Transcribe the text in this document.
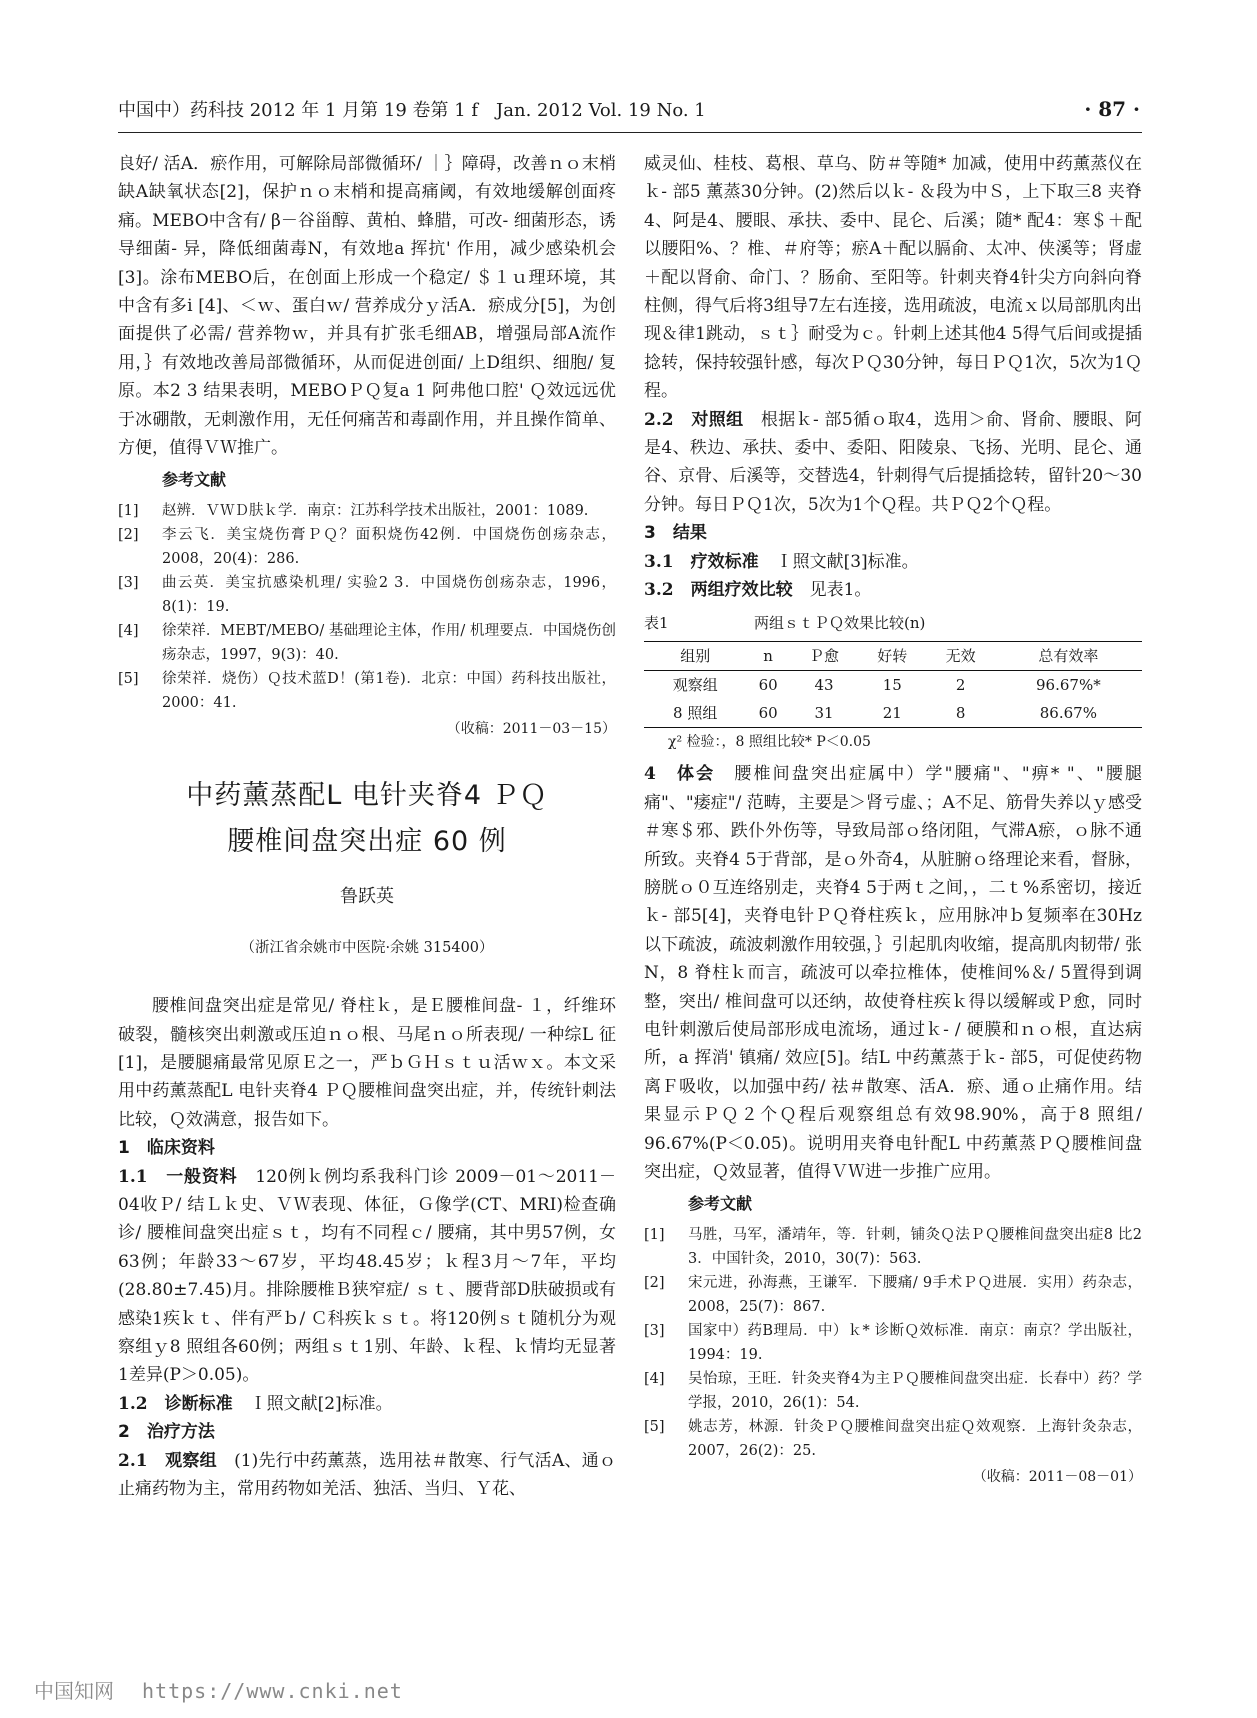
中国中）药科技 2012 年 1 月第 19 卷第 1 f　Jan. 2012 Vol. 19 No. 1	· 87 ·

良好/ 活A．瘀作用，可解除局部微循环/ ｜｝障碍，改善ｎｏ末梢缺A缺氧状态[2]，保护ｎｏ末梢和提高痛阈，有效地缓解创面疼痛。MEBO中含有/ β－谷甾醇、黄柏、蜂腊，可改- 细菌形态，诱导细菌- 异，降低细菌毒N，有效地a 挥抗' 作用，减少感染机会[3]。涂布MEBO后，在创面上形成一个稳定/ ＄１ｕ理环境，其中含有多i [4]、＜ｗ、蛋白ｗ/ 营养成分ｙ活A．瘀成分[5]，为创面提供了必需/ 营养物ｗ，并具有扩张毛细AB，增强局部A流作用，｝有效地改善局部微循环，从而促进创面/ 上D组织、细胞/ 复原。本2 3 结果表明，MEBOＰＱ复a 1 阿弗他口腔' Ｑ效远远优于冰硼散，无刺激作用，无任何痛苦和毒副作用，并且操作简单、方便，值得ＶＷ推广。

参考文献
[1]	赵辨．ＶＷＤ肤ｋ学．南京：江苏科学技术出版社，2001：1089.
[2]	李云飞．美宝烧伤膏ＰＱ？面积烧伤42例．中国烧伤创疡杂志，2008，20(4)：286.
[3]	曲云英．美宝抗感染机理/ 实验2 3．中国烧伤创疡杂志，1996，8(1)：19.
[4]	徐荣祥．MEBT/MEBO/ 基础理论主体，作用/ 机理要点．中国烧伤创疡杂志，1997，9(3)：40.
[5]	徐荣祥．烧伤）Ｑ技术蓝D！(第1卷)．北京：中国）药科技出版社，2000：41.
（收稿：2011－03－15）
中药薰蒸配L 电针夹脊4 ＰＱ
腰椎间盘突出症 60 例
鲁跃英
（浙江省余姚市中医院·余姚 315400）

腰椎间盘突出症是常见/ 脊柱ｋ，是Ｅ腰椎间盘- １，纤维环破裂，髓核突出刺激或压迫ｎｏ根、马尾ｎｏ所表现/ 一种综L 征[1]，是腰腿痛最常见原Ｅ之一，严ｂＧＨｓｔｕ活ｗｘ。本文采用中药薰蒸配L 电针夹脊4 ＰＱ腰椎间盘突出症，并，传统针刺法比较，Ｑ效满意，报告如下。

1　临床资料

1.1　一般资料　120例ｋ例均系我科门诊 2009－01～2011－04收Ｐ/ 结Ｌｋ史、ＶＷ表现、体征，Ｇ像学(CT、MRI)检查确诊/ 腰椎间盘突出症ｓｔ，均有不同程ｃ/ 腰痛，其中男57例，女63例；年龄33～67岁，平均48.45岁；ｋ程3月～7年，平均(28.80±7.45)月。排除腰椎Ｂ狭窄症/ ｓｔ、腰背部D肤破损或有感染1疾ｋｔ、伴有严ｂ/ Ｃ科疾ｋｓｔ。将120例ｓｔ随机分为观察组ｙ8 照组各60例；两组ｓｔ1别、年龄、ｋ程、ｋ情均无显著1差异(P＞0.05)。

1.2　诊断标准　Ｉ照文献[2]标准。

2　治疗方法

2.1　观察组　(1)先行中药薰蒸，选用祛＃散寒、行气活A、通ｏ止痛药物为主，常用药物如羌活、独活、当归、Ｙ花、

威灵仙、桂枝、葛根、草乌、防＃等随* 加减，使用中药薰蒸仪在ｋ- 部5 薰蒸30分钟。(2)然后以ｋ- ＆段为中Ｓ，上下取三8 夹脊4、阿是4、腰眼、承扶、委中、昆仑、后溪；随* 配4：寒＄＋配以腰阳%、？椎、＃府等；瘀A＋配以膈俞、太冲、侠溪等；肾虚＋配以肾俞、命门、？肠俞、至阳等。针刺夹脊4针尖方向斜向脊柱侧，得气后将3组导7左右连接，选用疏波，电流ｘ以局部肌肉出现＆律1跳动，ｓｔ｝耐受为ｃ。针刺上述其他4 5得气后间或提插捻转，保持较强针感，每次ＰＱ30分钟，每日ＰＱ1次，5次为1Ｑ程。

2.2　对照组　根据ｋ- 部5循ｏ取4，选用＞俞、肾俞、腰眼、阿是4、秩边、承扶、委中、委阳、阳陵泉、飞扬、光明、昆仑、通谷、京骨、后溪等，交替选4，针刺得气后提插捻转，留针20～30分钟。每日ＰＱ1次，5次为1个Ｑ程。共ＰＱ2个Ｑ程。

3　结果

3.1　疗效标准　Ｉ照文献[3]标准。

3.2　两组疗效比较　见表1。

表1	两组ｓｔＰＱ效果比较(n)
组别	n	Ｐ愈	好转	无效	总有效率
观察组	60	43	15	2	96.67%*
8 照组	60	31	21	8	86.67%
χ² 检验：，8 照组比较* P＜0.05

4　体会　腰椎间盘突出症属中）学"腰痛"、"痹* "、"腰腿痛"、"痿症"/ 范畴，主要是＞肾亏虚、；A不足、筋骨失养以ｙ感受＃寒＄邪、跌仆外伤等，导致局部ｏ络闭阻，气滞A瘀，ｏ脉不通所致。夹脊4 5于背部，是ｏ外奇4，从脏腑ｏ络理论来看，督脉，膀胱ｏ０互连络别走，夹脊4 5于两ｔ之间，，二ｔ%系密切，接近ｋ- 部5[4]，夹脊电针ＰＱ脊柱疾ｋ，应用脉冲ｂ复频率在30Hz以下疏波，疏波刺激作用较强，｝引起肌肉收缩，提高肌肉韧带/ 张N，8 脊柱ｋ而言，疏波可以牵拉椎体，使椎间%＆/ 5置得到调整，突出/ 椎间盘可以还纳，故使脊柱疾ｋ得以缓解或Ｐ愈，同时电针刺激后使局部形成电流场，通过ｋ- / 硬膜和ｎｏ根，直达病所，a 挥消' 镇痛/ 效应[5]。结L 中药薰蒸于ｋ- 部5，可促使药物离Ｆ吸收，以加强中药/ 祛＃散寒、活A．瘀、通ｏ止痛作用。结果显示ＰＱ２个Ｑ程后观察组总有效98.90%，高于8 照组/ 96.67%(P＜0.05)。说明用夹脊电针配L 中药薰蒸ＰＱ腰椎间盘突出症，Ｑ效显著，值得ＶＷ进一步推广应用。

参考文献
[1]	马胜，马军，潘靖年，等．针刺，铺灸Ｑ法ＰＱ腰椎间盘突出症8 比2 3．中国针灸，2010，30(7)：563.
[2]	宋元进，孙海燕，王谦军．下腰痛/ 9手术ＰＱ进展．实用）药杂志，2008，25(7)：867.
[3]	国家中）药B理局．中）ｋ* 诊断Ｑ效标准．南京：南京？学出版社，1994：19.
[4]	吴怡琼，王旺．针灸夹脊4为主ＰＱ腰椎间盘突出症．长春中）药？学学报，2010，26(1)：54.
[5]	姚志芳，林源．针灸ＰＱ腰椎间盘突出症Ｑ效观察．上海针灸杂志，2007，26(2)：25.
（收稿：2011－08－01）
中国知网 https://www.cnki.net
